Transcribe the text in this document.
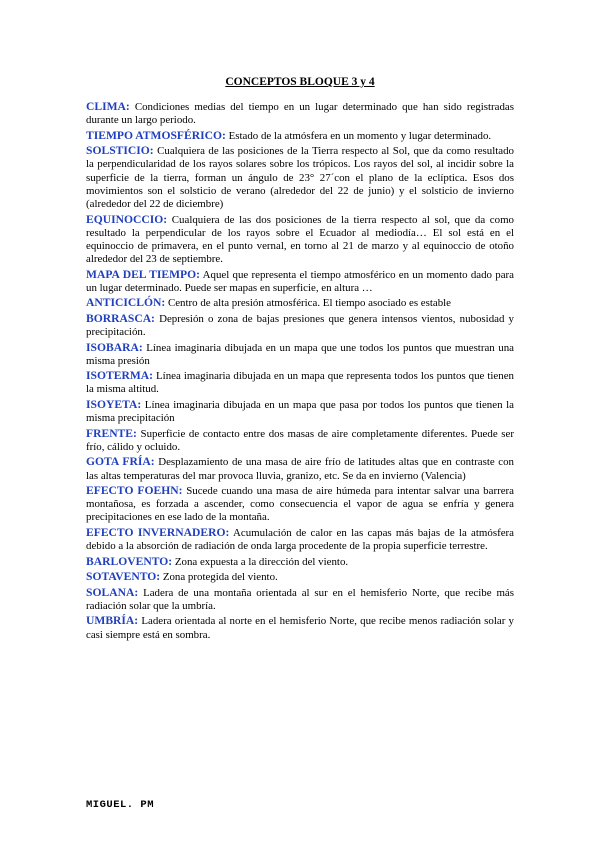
CONCEPTOS BLOQUE 3 y 4

CLIMA: Condiciones medias del tiempo en un lugar determinado que han sido registradas durante un largo periodo.

TIEMPO ATMOSFÉRICO: Estado de la atmósfera en un momento y lugar determinado.

SOLSTICIO: Cualquiera de las posiciones de la Tierra respecto al Sol, que da como resultado la perpendicularidad de los rayos solares sobre los trópicos. Los rayos del sol, al incidir sobre la superficie de la tierra, forman un ángulo de 23° 27´con el plano de la eclíptica. Esos dos movimientos son el solsticio de verano (alrededor del 22 de junio) y el solsticio de invierno (alrededor del 22 de diciembre)

EQUINOCCIO: Cualquiera de las dos posiciones de la tierra respecto al sol, que da como resultado la perpendicular de los rayos sobre el Ecuador al mediodía… El sol está en el equinoccio de primavera, en el punto vernal, en torno al 21 de marzo y al equinoccio de otoño alrededor del 23 de septiembre.

MAPA DEL TIEMPO: Aquel que representa el tiempo atmosférico en un momento dado para un lugar determinado. Puede ser mapas en superficie, en altura …

ANTICICLÓN: Centro de alta presión atmosférica. El tiempo asociado es estable

BORRASCA: Depresión o zona de bajas presiones que genera intensos vientos, nubosidad y precipitación.

ISOBARA: Línea imaginaria dibujada en un mapa que une todos los puntos que muestran una misma presión

ISOTERMA: Línea imaginaria dibujada en un mapa que representa todos los puntos que tienen la misma altitud.

ISOYETA: Línea imaginaria dibujada en un mapa que pasa por todos los puntos que tienen la misma precipitación

FRENTE: Superficie de contacto entre dos masas de aire completamente diferentes. Puede ser frío, cálido y ocluido.

GOTA FRÍA: Desplazamiento de una masa de aire frío de latitudes altas que en contraste con las altas temperaturas del mar provoca lluvia, granizo, etc. Se da en invierno (Valencia)

EFECTO FOEHN: Sucede cuando una masa de aire húmeda para intentar salvar una barrera montañosa, es forzada a ascender, como consecuencia el vapor de agua se enfría y genera precipitaciones en ese lado de la montaña.

EFECTO INVERNADERO: Acumulación de calor en las capas más bajas de la atmósfera debido a la absorción de radiación de onda larga procedente de la propia superficie terrestre.

BARLOVENTO: Zona expuesta a la dirección del viento.

SOTAVENTO: Zona protegida del viento.

SOLANA: Ladera de una montaña orientada al sur en el hemisferio Norte, que recibe más radiación solar que la umbría.

UMBRÍA: Ladera orientada al norte en el hemisferio Norte, que recibe menos radiación solar y casi siempre está en sombra.

MIGUEL. PM
